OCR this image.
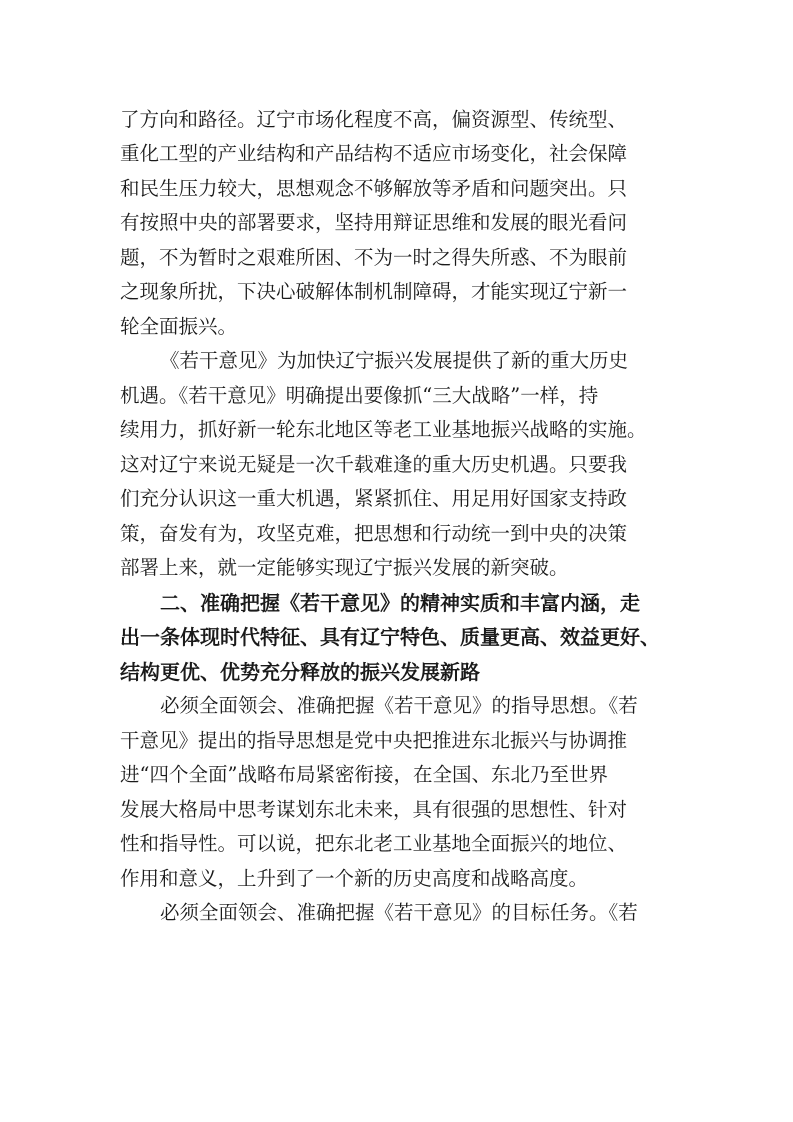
了方向和路径。辽宁市场化程度不高，偏资源型、传统型、
重化工型的产业结构和产品结构不适应市场变化，社会保障
和民生压力较大，思想观念不够解放等矛盾和问题突出。只
有按照中央的部署要求，坚持用辩证思维和发展的眼光看问
题，不为暂时之艰难所困、不为一时之得失所惑、不为眼前
之现象所扰，下决心破解体制机制障碍，才能实现辽宁新一
轮全面振兴。
《若干意见》为加快辽宁振兴发展提供了新的重大历史
机遇。《若干意见》明确提出要像抓“三大战略”一样，持
续用力，抓好新一轮东北地区等老工业基地振兴战略的实施。
这对辽宁来说无疑是一次千载难逢的重大历史机遇。只要我
们充分认识这一重大机遇，紧紧抓住、用足用好国家支持政
策，奋发有为，攻坚克难，把思想和行动统一到中央的决策
部署上来，就一定能够实现辽宁振兴发展的新突破。
二、准确把握《若干意见》的精神实质和丰富内涵，走
出一条体现时代特征、具有辽宁特色、质量更高、效益更好、
结构更优、优势充分释放的振兴发展新路
必须全面领会、准确把握《若干意见》的指导思想。《若
干意见》提出的指导思想是党中央把推进东北振兴与协调推
进“四个全面”战略布局紧密衔接，在全国、东北乃至世界
发展大格局中思考谋划东北未来，具有很强的思想性、针对
性和指导性。可以说，把东北老工业基地全面振兴的地位、
作用和意义，上升到了一个新的历史高度和战略高度。
必须全面领会、准确把握《若干意见》的目标任务。《若
